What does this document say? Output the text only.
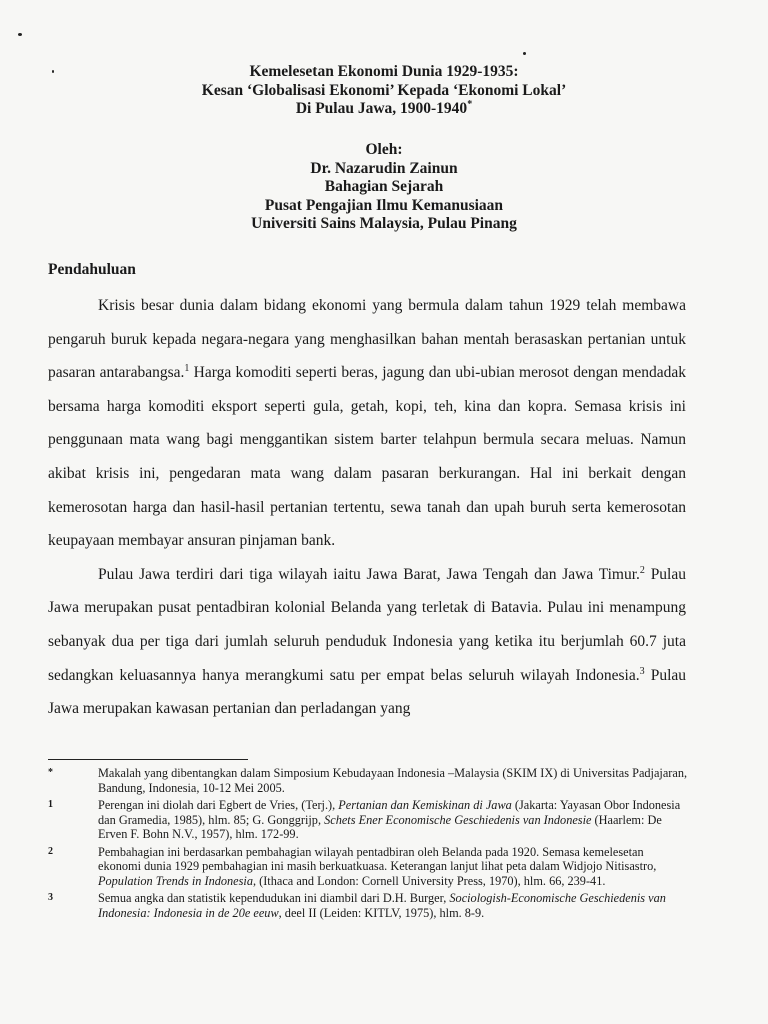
Kemelesetan Ekonomi Dunia 1929-1935:
Kesan ‘Globalisasi Ekonomi’ Kepada ‘Ekonomi Lokal’
Di Pulau Jawa, 1900-1940*
Oleh:
Dr. Nazarudin Zainun
Bahagian Sejarah
Pusat Pengajian Ilmu Kemanusiaan
Universiti Sains Malaysia, Pulau Pinang
Pendahuluan

Krisis besar dunia dalam bidang ekonomi yang bermula dalam tahun 1929 telah membawa pengaruh buruk kepada negara-negara yang menghasilkan bahan mentah berasaskan pertanian untuk pasaran antarabangsa.$^1$ Harga komoditi seperti beras, jagung dan ubi-ubian merosot dengan mendadak bersama harga komoditi eksport seperti gula, getah, kopi, teh, kina dan kopra. Semasa krisis ini penggunaan mata wang bagi menggantikan sistem barter telahpun bermula secara meluas. Namun akibat krisis ini, pengedaran mata wang dalam pasaran berkurangan. Hal ini berkait dengan kemerosotan harga dan hasil-hasil pertanian tertentu, sewa tanah dan upah buruh serta kemerosotan keupayaan membayar ansuran pinjaman bank.

Pulau Jawa terdiri dari tiga wilayah iaitu Jawa Barat, Jawa Tengah dan Jawa Timur.$^2$ Pulau Jawa merupakan pusat pentadbiran kolonial Belanda yang terletak di Batavia. Pulau ini menampung sebanyak dua per tiga dari jumlah seluruh penduduk Indonesia yang ketika itu berjumlah 60.7 juta sedangkan keluasannya hanya merangkumi satu per empat belas seluruh wilayah Indonesia.$^3$ Pulau Jawa merupakan kawasan pertanian dan perladangan yang

*	Makalah yang dibentangkan dalam Simposium Kebudayaan Indonesia –Malaysia (SKIM IX) di Universitas Padjajaran, Bandung, Indonesia, 10-12 Mei 2005.
1	Perengan ini diolah dari Egbert de Vries, (Terj.), Pertanian dan Kemiskinan di Jawa (Jakarta: Yayasan Obor Indonesia dan Gramedia, 1985), hlm. 85; G. Gonggrijp, Schets Ener Economische Geschiedenis van Indonesie (Haarlem: De Erven F. Bohn N.V., 1957), hlm. 172-99.
2	Pembahagian ini berdasarkan pembahagian wilayah pentadbiran oleh Belanda pada 1920. Semasa kemelesetan ekonomi dunia 1929 pembahagian ini masih berkuatkuasa. Keterangan lanjut lihat peta dalam Widjojo Nitisastro, Population Trends in Indonesia, (Ithaca and London: Cornell University Press, 1970), hlm. 66, 239-41.
3	Semua angka dan statistik kependudukan ini diambil dari D.H. Burger, Sociologish-Economische Geschiedenis van Indonesia: Indonesia in de 20e eeuw, deel II (Leiden: KITLV, 1975), hlm. 8-9.
